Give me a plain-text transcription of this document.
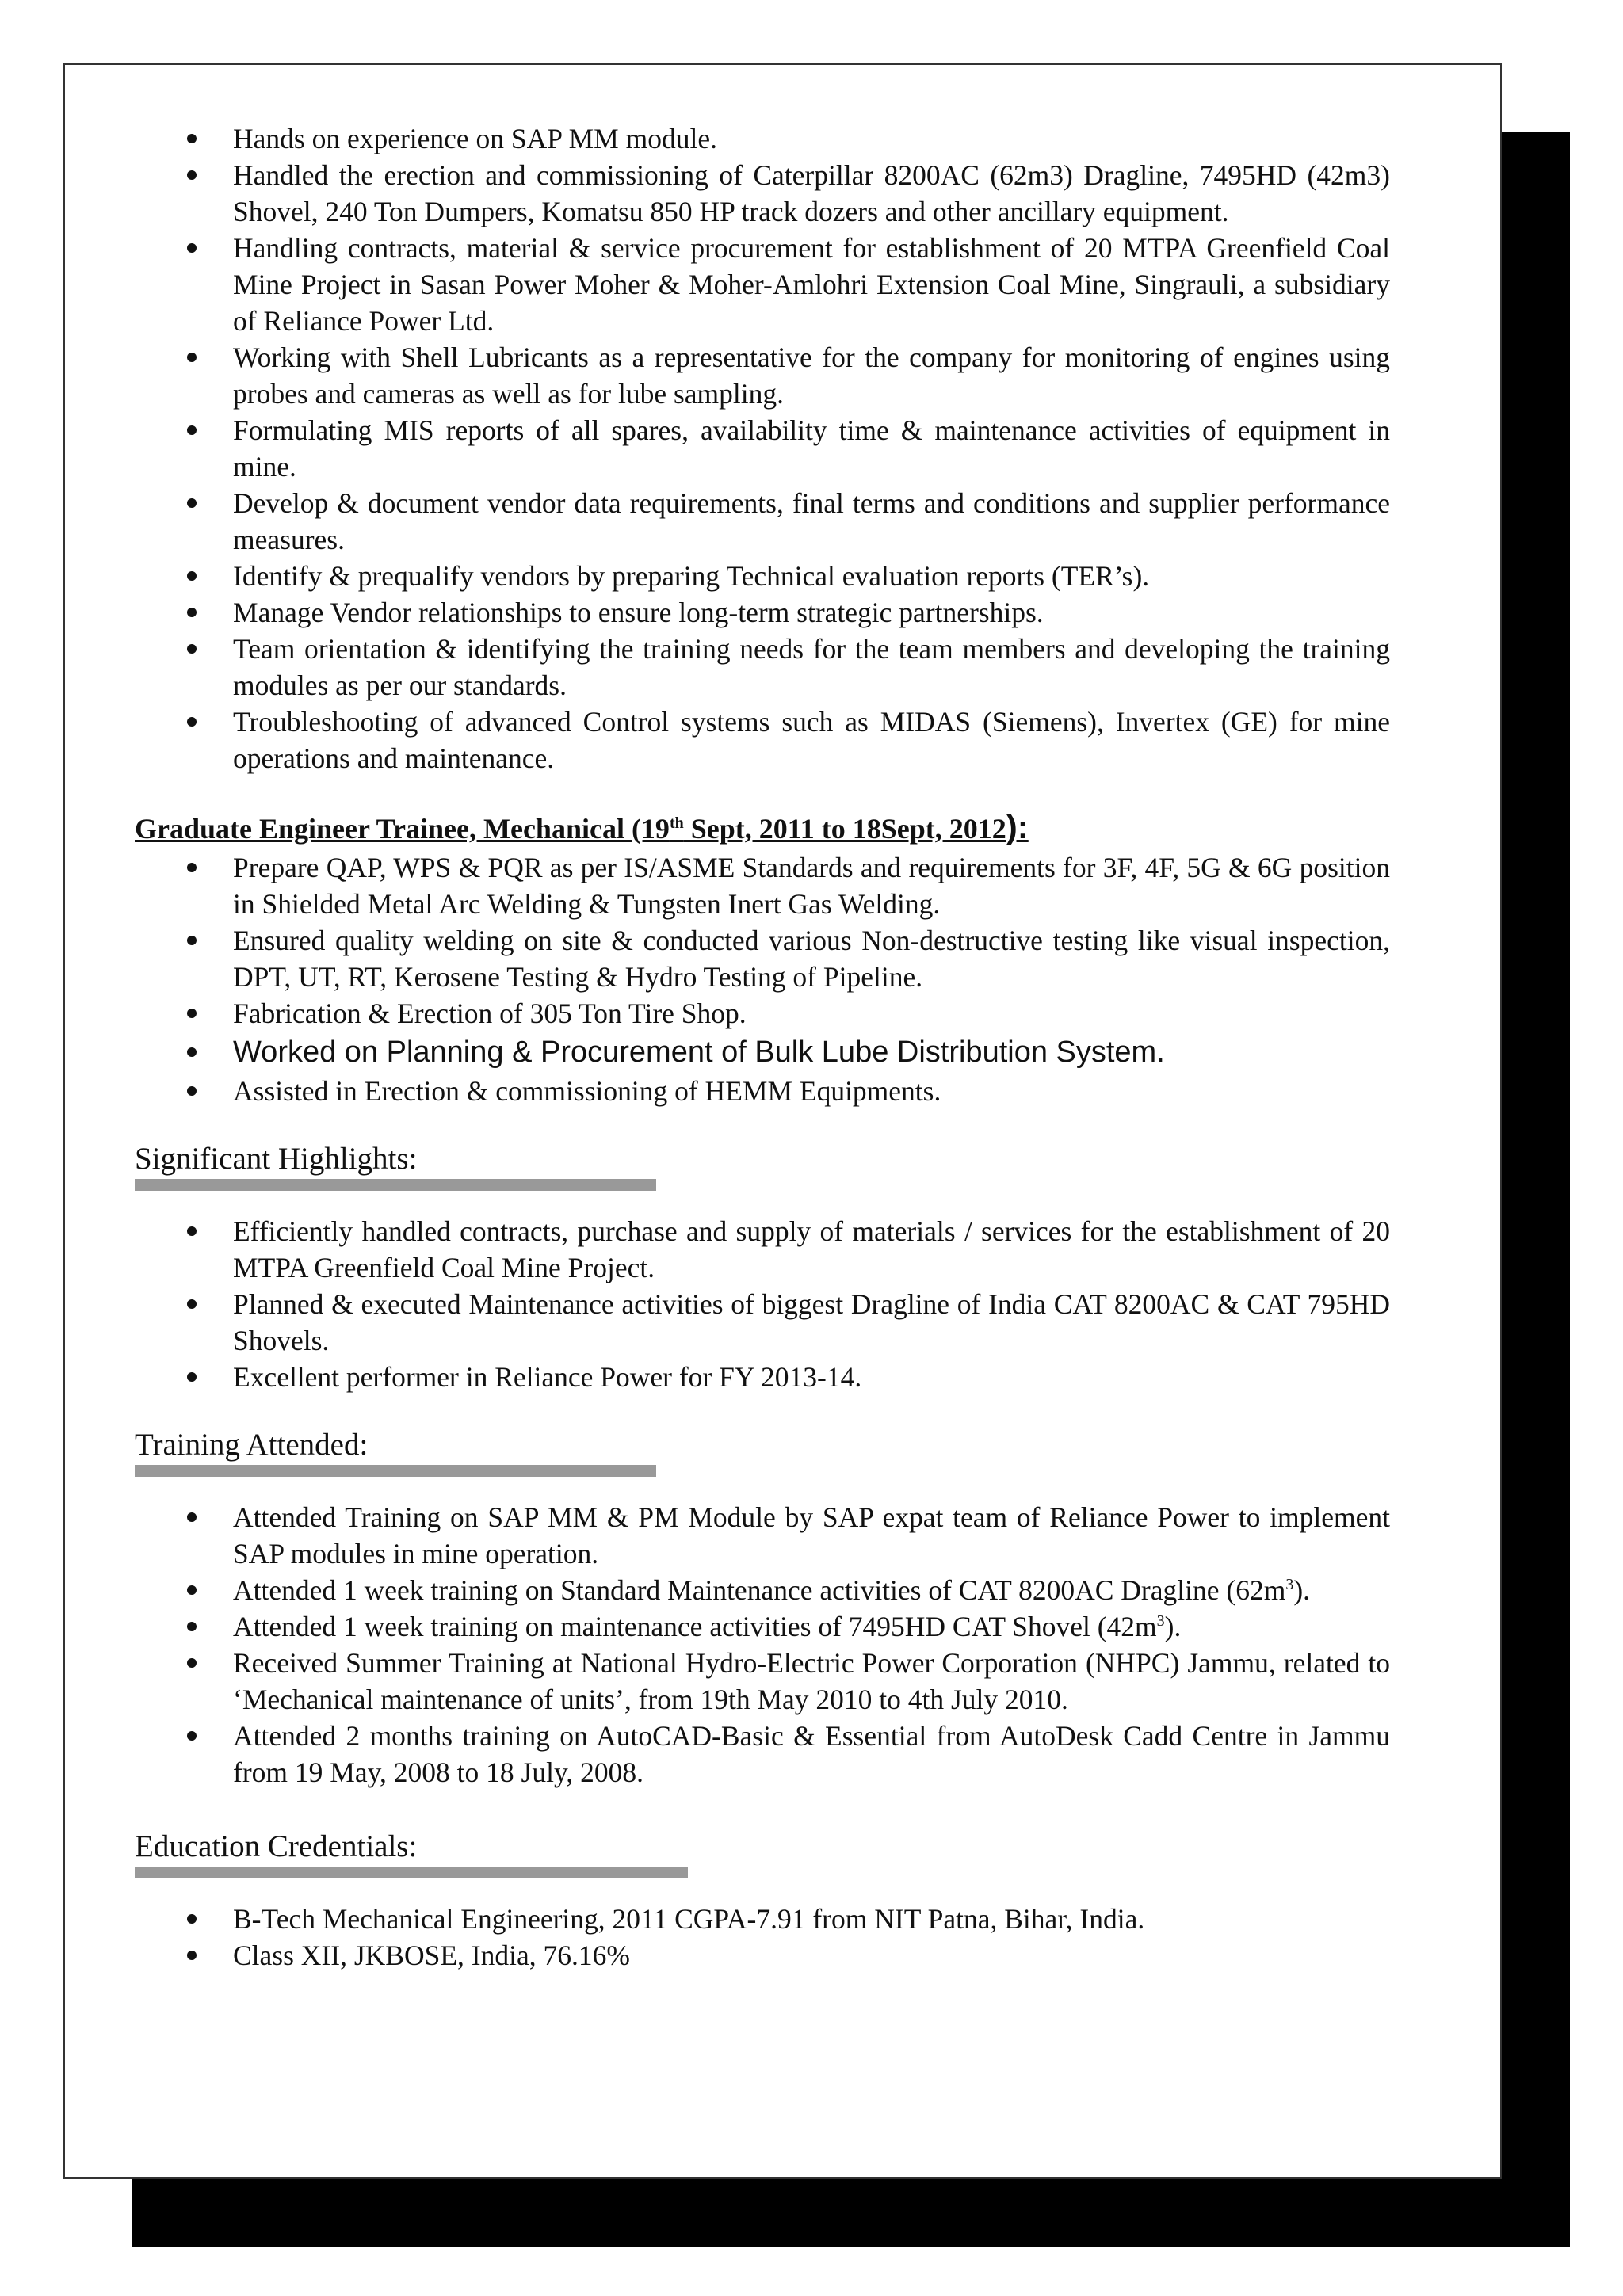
Hands on experience on SAP MM module.
Handled the erection and commissioning of Caterpillar 8200AC (62m3) Dragline, 7495HD (42m3) Shovel, 240 Ton Dumpers, Komatsu 850 HP track dozers and other ancillary equipment.
Handling contracts, material & service procurement for establishment of 20 MTPA Greenfield Coal Mine Project in Sasan Power Moher & Moher-Amlohri Extension Coal Mine, Singrauli, a subsidiary of Reliance Power Ltd.
Working with Shell Lubricants as a representative for the company for monitoring of engines using probes and cameras as well as for lube sampling.
Formulating MIS reports of all spares, availability time & maintenance activities of equipment in mine.
Develop & document vendor data requirements, final terms and conditions and supplier performance measures.
Identify & prequalify vendors by preparing Technical evaluation reports (TER’s).
Manage Vendor relationships to ensure long-term strategic partnerships.
Team orientation & identifying the training needs for the team members and developing the training modules as per our standards.
Troubleshooting of advanced Control systems such as MIDAS (Siemens), Invertex (GE) for mine operations and maintenance.
Graduate Engineer Trainee, Mechanical (19th Sept, 2011 to 18Sept, 2012):
Prepare QAP, WPS & PQR as per IS/ASME Standards and requirements for 3F, 4F, 5G & 6G position in Shielded Metal Arc Welding & Tungsten Inert Gas Welding.
Ensured quality welding on site & conducted various Non-destructive testing like visual inspection, DPT, UT, RT, Kerosene Testing & Hydro Testing of Pipeline.
Fabrication & Erection of 305 Ton Tire Shop.
Worked on Planning & Procurement of Bulk Lube Distribution System.
Assisted in Erection & commissioning of HEMM Equipments.
Significant Highlights:
Efficiently handled contracts, purchase and supply of materials / services for the establishment of 20 MTPA Greenfield Coal Mine Project.
Planned & executed Maintenance activities of biggest Dragline of India CAT 8200AC & CAT 795HD Shovels.
Excellent performer in Reliance Power for FY 2013-14.
Training Attended:
Attended Training on SAP MM & PM Module by SAP expat team of Reliance Power to implement SAP modules in mine operation.
Attended 1 week training on Standard Maintenance activities of CAT 8200AC Dragline $(62m^3)$.
Attended 1 week training on maintenance activities of 7495HD CAT Shovel $(42m^3)$.
Received Summer Training at National Hydro-Electric Power Corporation (NHPC) Jammu, related to ‘Mechanical maintenance of units’, from 19th May 2010 to 4th July 2010.
Attended 2 months training on AutoCAD-Basic & Essential from AutoDesk Cadd Centre in Jammu from 19 May, 2008 to 18 July, 2008.
Education Credentials:
B-Tech Mechanical Engineering, 2011 CGPA-7.91 from NIT Patna, Bihar, India.
Class XII, JKBOSE, India, 76.16%
